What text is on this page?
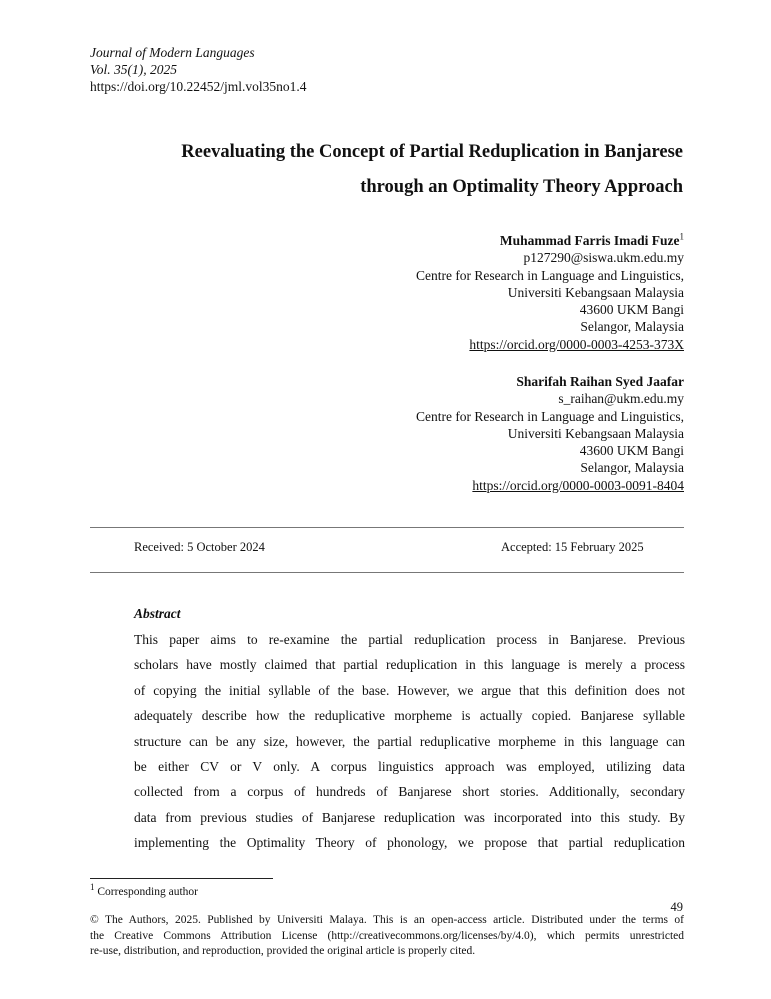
Journal of Modern Languages
Vol. 35(1), 2025
https://doi.org/10.22452/jml.vol35no1.4
Reevaluating the Concept of Partial Reduplication in Banjarese
through an Optimality Theory Approach
Muhammad Farris Imadi Fuze$^1$
p127290@siswa.ukm.edu.my
Centre for Research in Language and Linguistics,
Universiti Kebangsaan Malaysia
43600 UKM Bangi
Selangor, Malaysia
https://orcid.org/0000-0003-4253-373X
Sharifah Raihan Syed Jaafar
s_raihan@ukm.edu.my
Centre for Research in Language and Linguistics,
Universiti Kebangsaan Malaysia
43600 UKM Bangi
Selangor, Malaysia
https://orcid.org/0000-0003-0091-8404
Received: 5 October 2024	Accepted: 15 February 2025
Abstract
This paper aims to re-examine the partial reduplication process in Banjarese. Previous
scholars have mostly claimed that partial reduplication in this language is merely a process
of copying the initial syllable of the base. However, we argue that this definition does not
adequately describe how the reduplicative morpheme is actually copied. Banjarese syllable
structure can be any size, however, the partial reduplicative morpheme in this language can
be either CV or V only. A corpus linguistics approach was employed, utilizing data
collected from a corpus of hundreds of Banjarese short stories. Additionally, secondary
data from previous studies of Banjarese reduplication was incorporated into this study. By
implementing the Optimality Theory of phonology, we propose that partial reduplication
$^1$ Corresponding author
49
© The Authors, 2025. Published by Universiti Malaya. This is an open-access article. Distributed under the terms of
the Creative Commons Attribution License (http://creativecommons.org/licenses/by/4.0), which permits unrestricted
re-use, distribution, and reproduction, provided the original article is properly cited.
